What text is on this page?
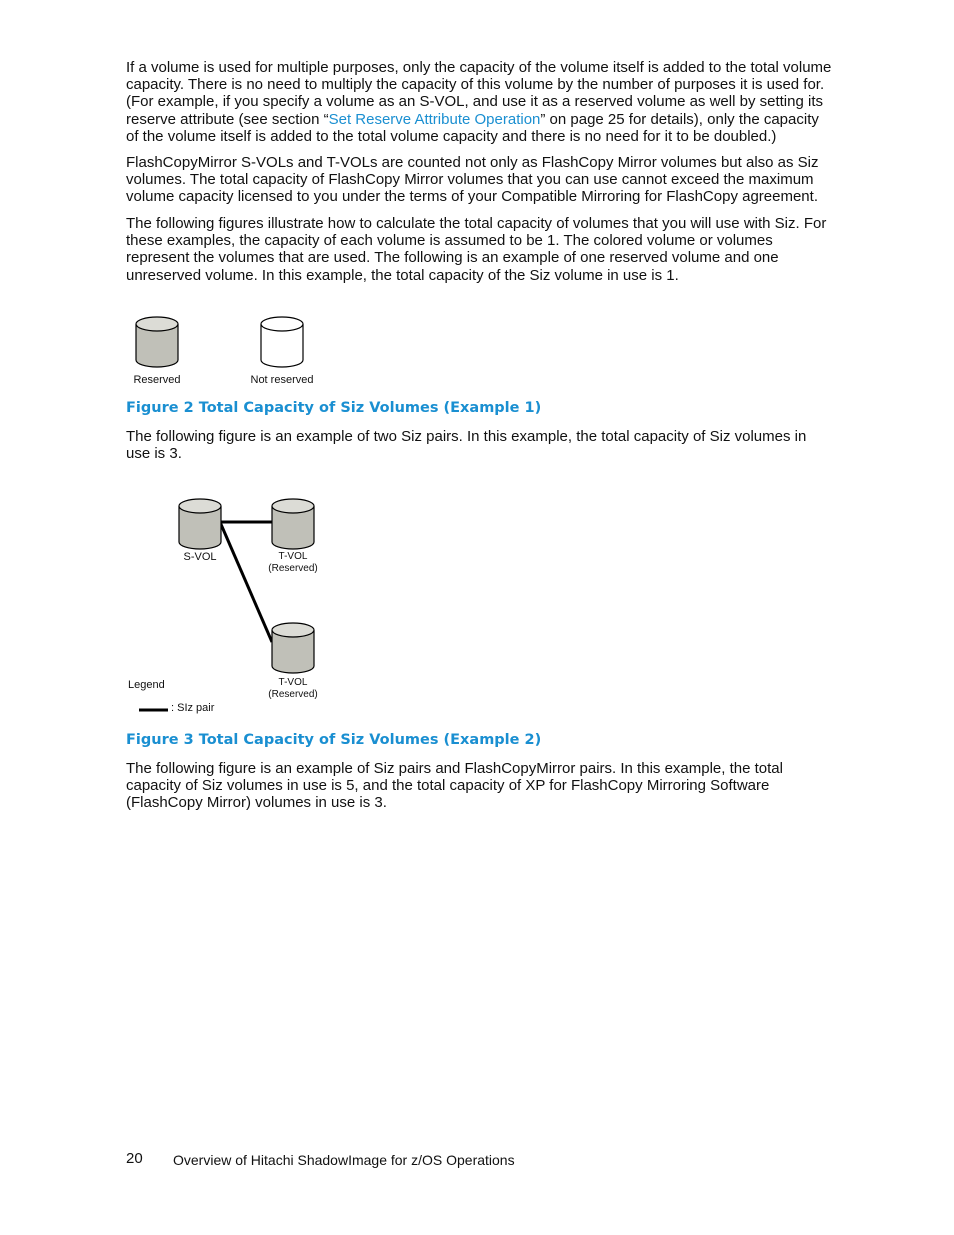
If a volume is used for multiple purposes, only the capacity of the volume itself is added to the total volume capacity. There is no need to multiply the capacity of this volume by the number of purposes it is used for. (For example, if you specify a volume as an S-VOL, and use it as a reserved volume as well by setting its reserve attribute (see section “Set Reserve Attribute Operation” on page 25 for details), only the capacity of the volume itself is added to the total volume capacity and there is no need for it to be doubled.)

FlashCopyMirror S-VOLs and T-VOLs are counted not only as FlashCopy Mirror volumes but also as Siz volumes. The total capacity of FlashCopy Mirror volumes that you can use cannot exceed the maximum volume capacity licensed to you under the terms of your Compatible Mirroring for FlashCopy agreement.

The following figures illustrate how to calculate the total capacity of volumes that you will use with Siz. For these examples, the capacity of each volume is assumed to be 1. The colored volume or volumes represent the volumes that are used. The following is an example of one reserved volume and one unreserved volume. In this example, the total capacity of the Siz volume in use is 1.

Reserved	Not reserved

Figure 2 Total Capacity of Siz Volumes (Example 1)

The following figure is an example of two Siz pairs. In this example, the total capacity of Siz volumes in use is 3.

S-VOL	T-VOL
(Reserved)
T-VOL
(Reserved)
Legend
: SIz pair

Figure 3 Total Capacity of Siz Volumes (Example 2)

The following figure is an example of Siz pairs and FlashCopyMirror pairs. In this example, the total capacity of Siz volumes in use is 5, and the total capacity of XP for FlashCopy Mirroring Software (FlashCopy Mirror) volumes in use is 3.

20 Overview of Hitachi ShadowImage for z/OS Operations
